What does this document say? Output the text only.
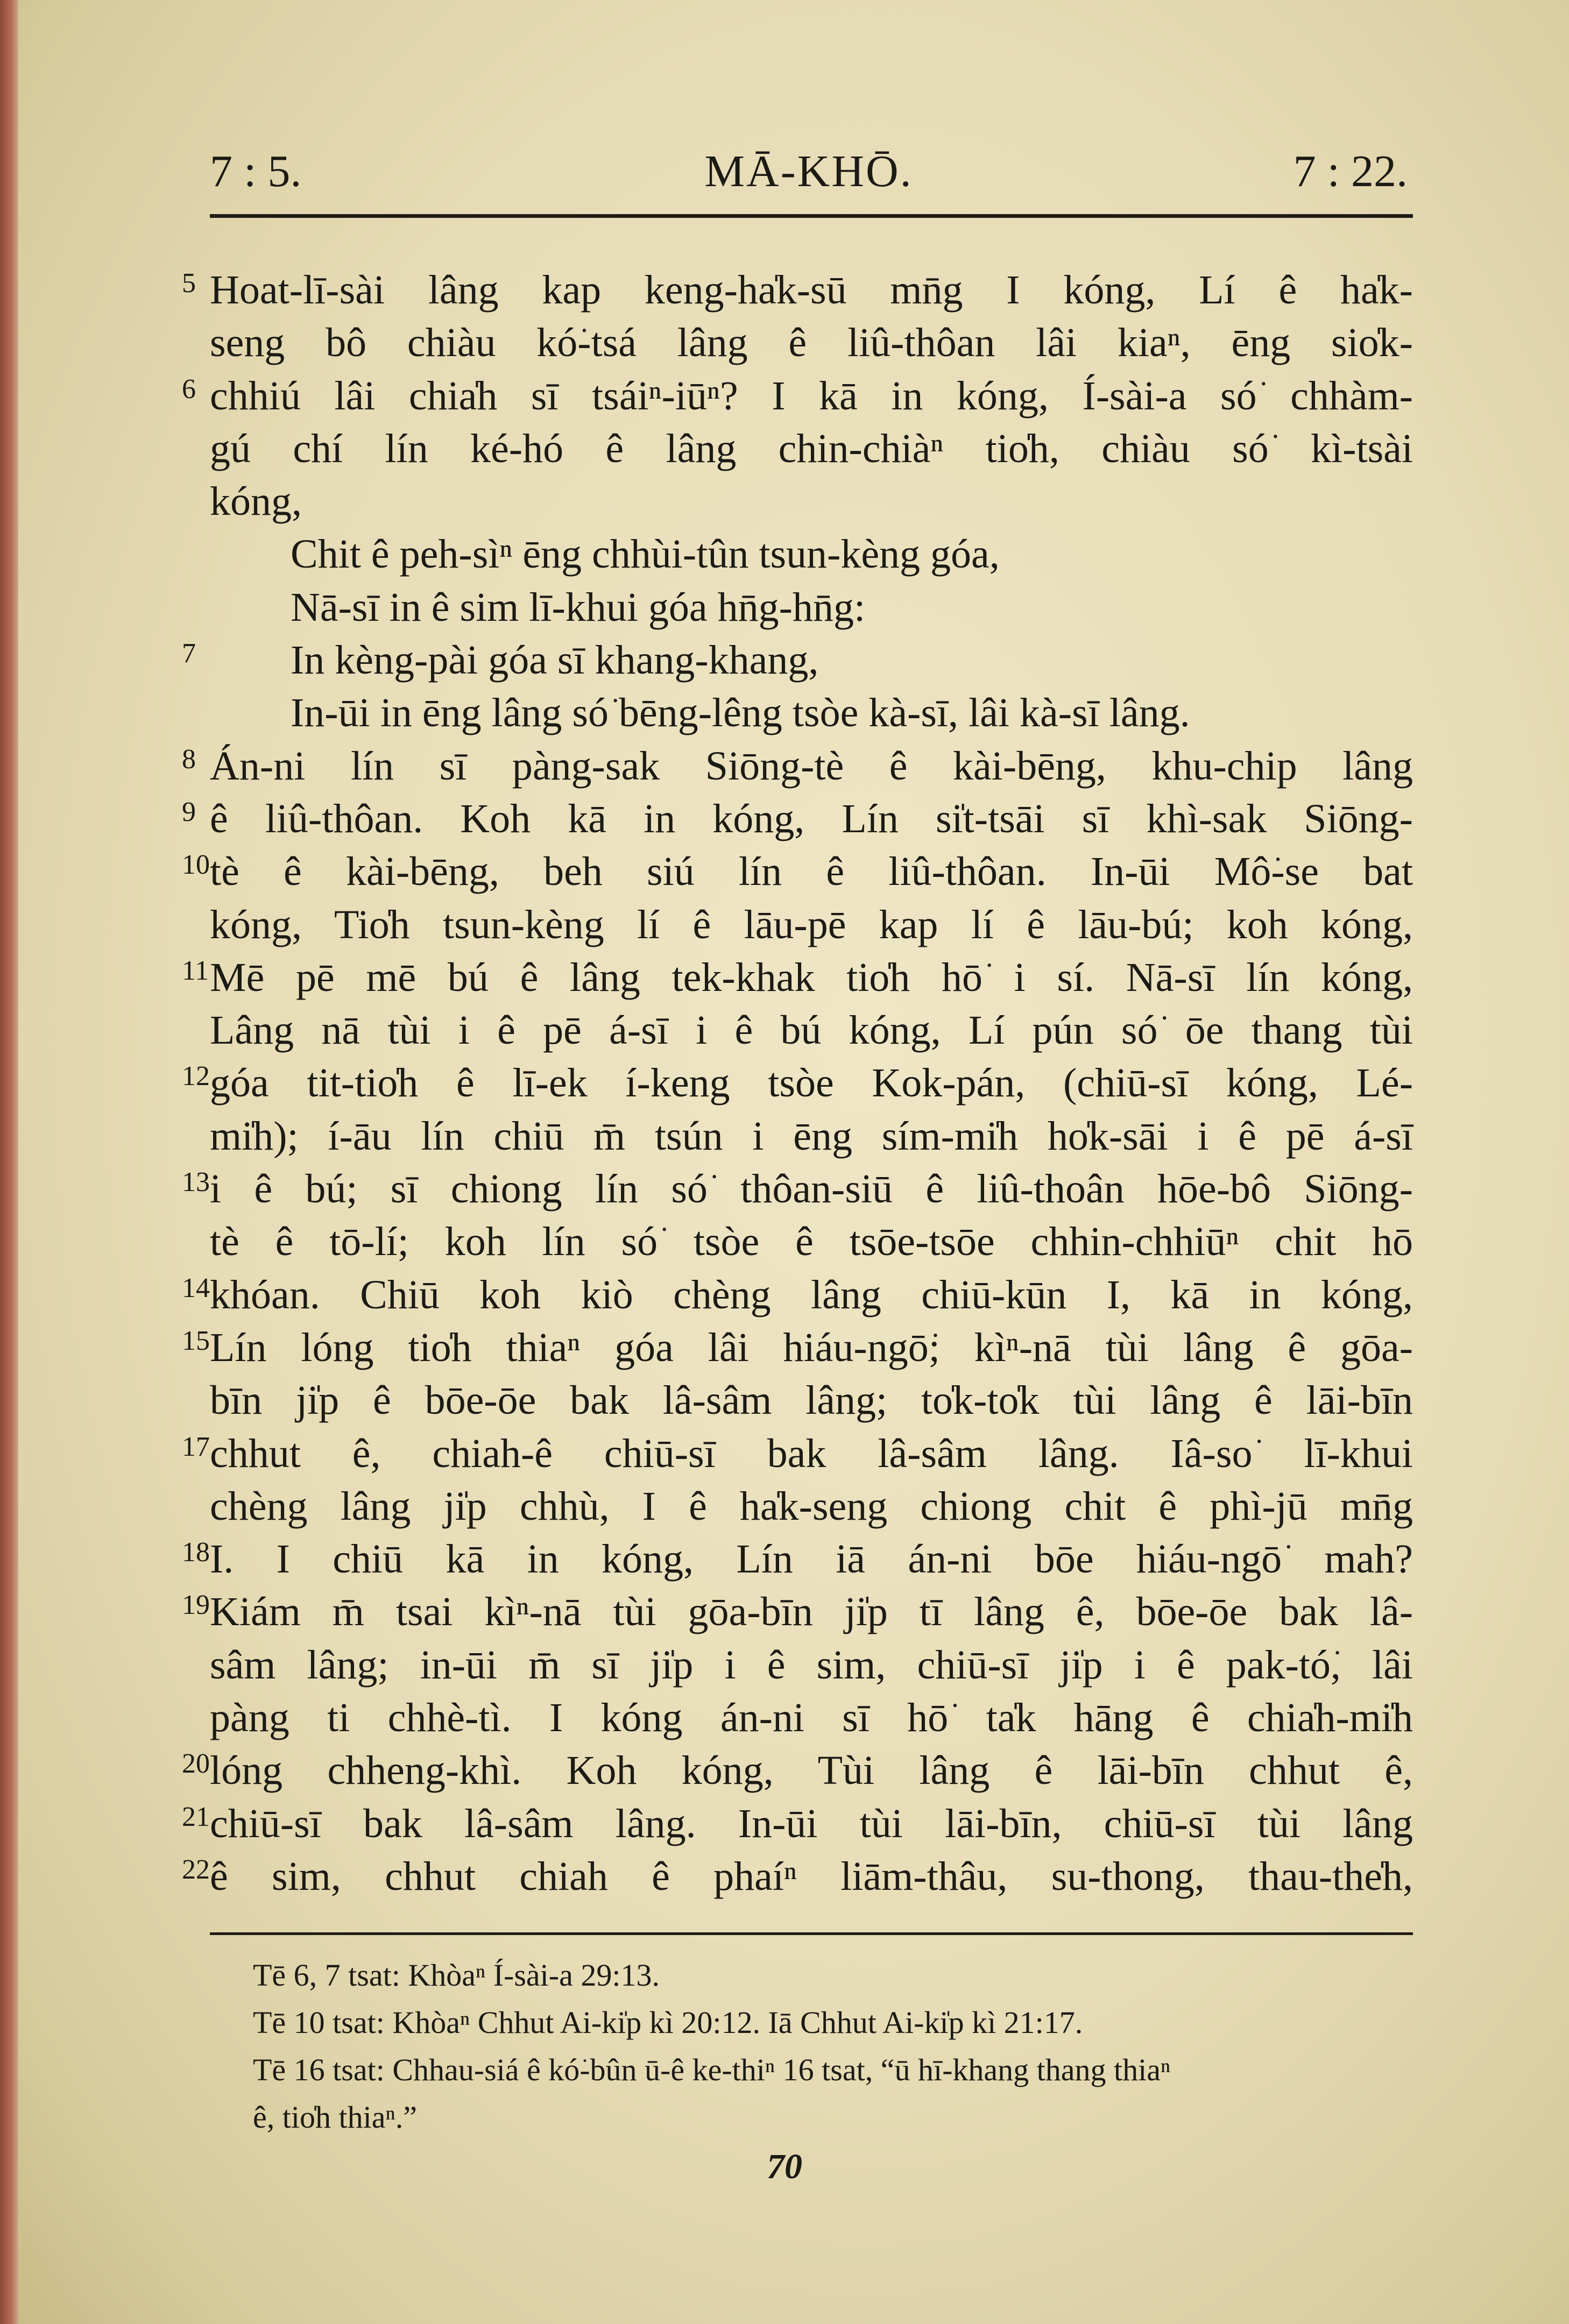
7 : 5.	MĀ-KHŌ.	7 : 22.
5 Hoat-lī-sài lâng kap keng-ha̍k-sū mn̄g I kóng, Lí ê ha̍k-
seng bô chiàu kó͘-tsá lâng ê liû-thôan lâi kiaⁿ, ēng sio̍k-
6 chhiú lâi chia̍h sī tsáiⁿ-iūⁿ? I kā in kóng, Í-sài-a só͘ chhàm-
gú chí lín ké-hó ê lâng chin-chiàⁿ tio̍h, chiàu só͘ kì-tsài
kóng,
Chit ê peh-sìⁿ ēng chhùi-tûn tsun-kèng góa,
Nā-sī in ê sim lī-khui góa hn̄g-hn̄g:
7	In kèng-pài góa sī khang-khang,
In-ūi in ēng lâng só͘ bēng-lêng tsòe kà-sī, lâi kà-sī lâng.
8 Án-ni lín sī pàng-sak Siōng-tè ê kài-bēng, khu-chip lâng
9 ê liû-thôan. Koh kā in kóng, Lín si̍t-tsāi sī khì-sak Siōng-
10 tè ê kài-bēng, beh siú lín ê liû-thôan. In-ūi Mô͘-se bat
kóng, Tio̍h tsun-kèng lí ê lāu-pē kap lí ê lāu-bú; koh kóng,
11 Mē pē mē bú ê lâng tek-khak tio̍h hō͘ i sí. Nā-sī lín kóng,
Lâng nā tùi i ê pē á-sī i ê bú kóng, Lí pún só͘ ōe thang tùi
12 góa tit-tio̍h ê lī-ek í-keng tsòe Kok-pán, (chiū-sī kóng, Lé-
mi̍h); í-āu lín chiū m̄ tsún i ēng sím-mi̍h ho̍k-sāi i ê pē á-sī
13 i ê bú; sī chiong lín só͘ thôan-siū ê liû-thoân hōe-bô Siōng-
tè ê tō-lí; koh lín só͘ tsòe ê tsōe-tsōe chhin-chhiūⁿ chit hō
14 khóan. Chiū koh kiò chèng lâng chiū-kūn I, kā in kóng,
15 Lín lóng tio̍h thiaⁿ góa lâi hiáu-ngō͘; kìⁿ-nā tùi lâng ê gōa-
bīn ji̍p ê bōe-ōe bak lâ-sâm lâng; to̍k-to̍k tùi lâng ê lāi-bīn
17 chhut ê, chiah-ê chiū-sī bak lâ-sâm lâng. Iâ-so͘ lī-khui
chèng lâng ji̍p chhù, I ê ha̍k-seng chiong chit ê phì-jū mn̄g
18 I. I chiū kā in kóng, Lín iā án-ni bōe hiáu-ngō͘ mah?
19 Kiám m̄ tsai kìⁿ-nā tùi gōa-bīn ji̍p tī lâng ê, bōe-ōe bak lâ-
sâm lâng; in-ūi m̄ sī ji̍p i ê sim, chiū-sī ji̍p i ê pak-tó͘, lâi
pàng ti chhè-tì. I kóng án-ni sī hō͘ ta̍k hāng ê chia̍h-mi̍h
20 lóng chheng-khì. Koh kóng, Tùi lâng ê lāi-bīn chhut ê,
21 chiū-sī bak lâ-sâm lâng. In-ūi tùi lāi-bīn, chiū-sī tùi lâng
22 ê sim, chhut chiah ê phaíⁿ liām-thâu, su-thong, thau-the̍h,
Tē 6, 7 tsat: Khòaⁿ Í-sài-a 29:13.
Tē 10 tsat: Khòaⁿ Chhut Ai-ki̍p kì 20:12. Iā Chhut Ai-ki̍p kì 21:17.
Tē 16 tsat: Chhau-siá ê kó͘-bûn ū-ê ke-thiⁿ 16 tsat, “ū hī-khang thang thiaⁿ
ê, tio̍h thiaⁿ.”
70
